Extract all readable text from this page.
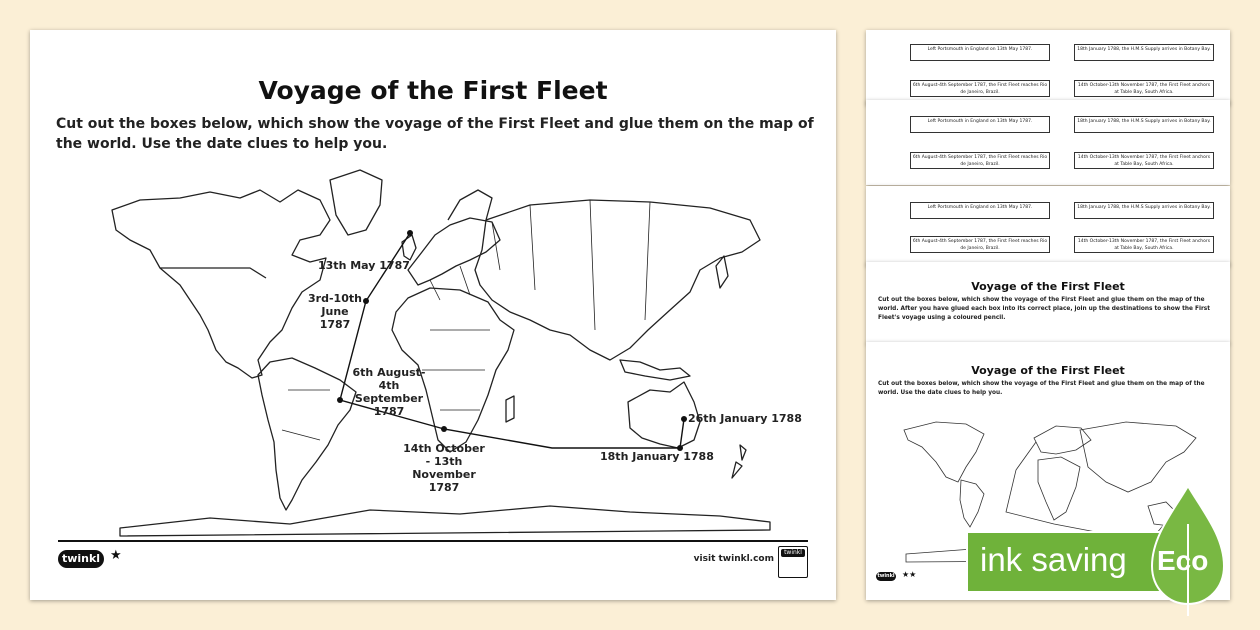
Voyage of the First Fleet
Cut out the boxes below, which show the voyage of the First Fleet and glue them on the map of the world. Use the date clues to help you.
13th May 1787
3rd-10th June 1787
6th August- 4th September 1787
14th October - 13th November 1787
18th January 1788
26th January 1788
twinkl ★	visit twinkl.com
twinkl
Left Portsmouth in England on 13th May 1787.	18th January 1788, the H.M.S Supply arrives in Botany Bay.
6th August-4th September 1787, the First Fleet reaches Rio de Janeiro, Brazil.
14th October-13th November 1787, the First Fleet anchors at Table Bay, South Africa.
Left Portsmouth in England on 13th May 1787.	18th January 1788, the H.M.S Supply arrives in Botany Bay.
6th August-4th September 1787, the First Fleet reaches Rio de Janeiro, Brazil.
14th October-13th November 1787, the First Fleet anchors at Table Bay, South Africa.
Left Portsmouth in England on 13th May 1787.	18th January 1788, the H.M.S Supply arrives in Botany Bay.
6th August-4th September 1787, the First Fleet reaches Rio de Janeiro, Brazil.
14th October-13th November 1787, the First Fleet anchors at Table Bay, South Africa.
Voyage of the First Fleet
Cut out the boxes below, which show the voyage of the First Fleet and glue them on the map of the world. After you have glued each box into its correct place, join up the destinations to show the First Fleet's voyage using a coloured pencil.
Voyage of the First Fleet
Cut out the boxes below, which show the voyage of the First Fleet and glue them on the map of the world. Use the date clues to help you.
twinkl ★★ ink saving Eco
